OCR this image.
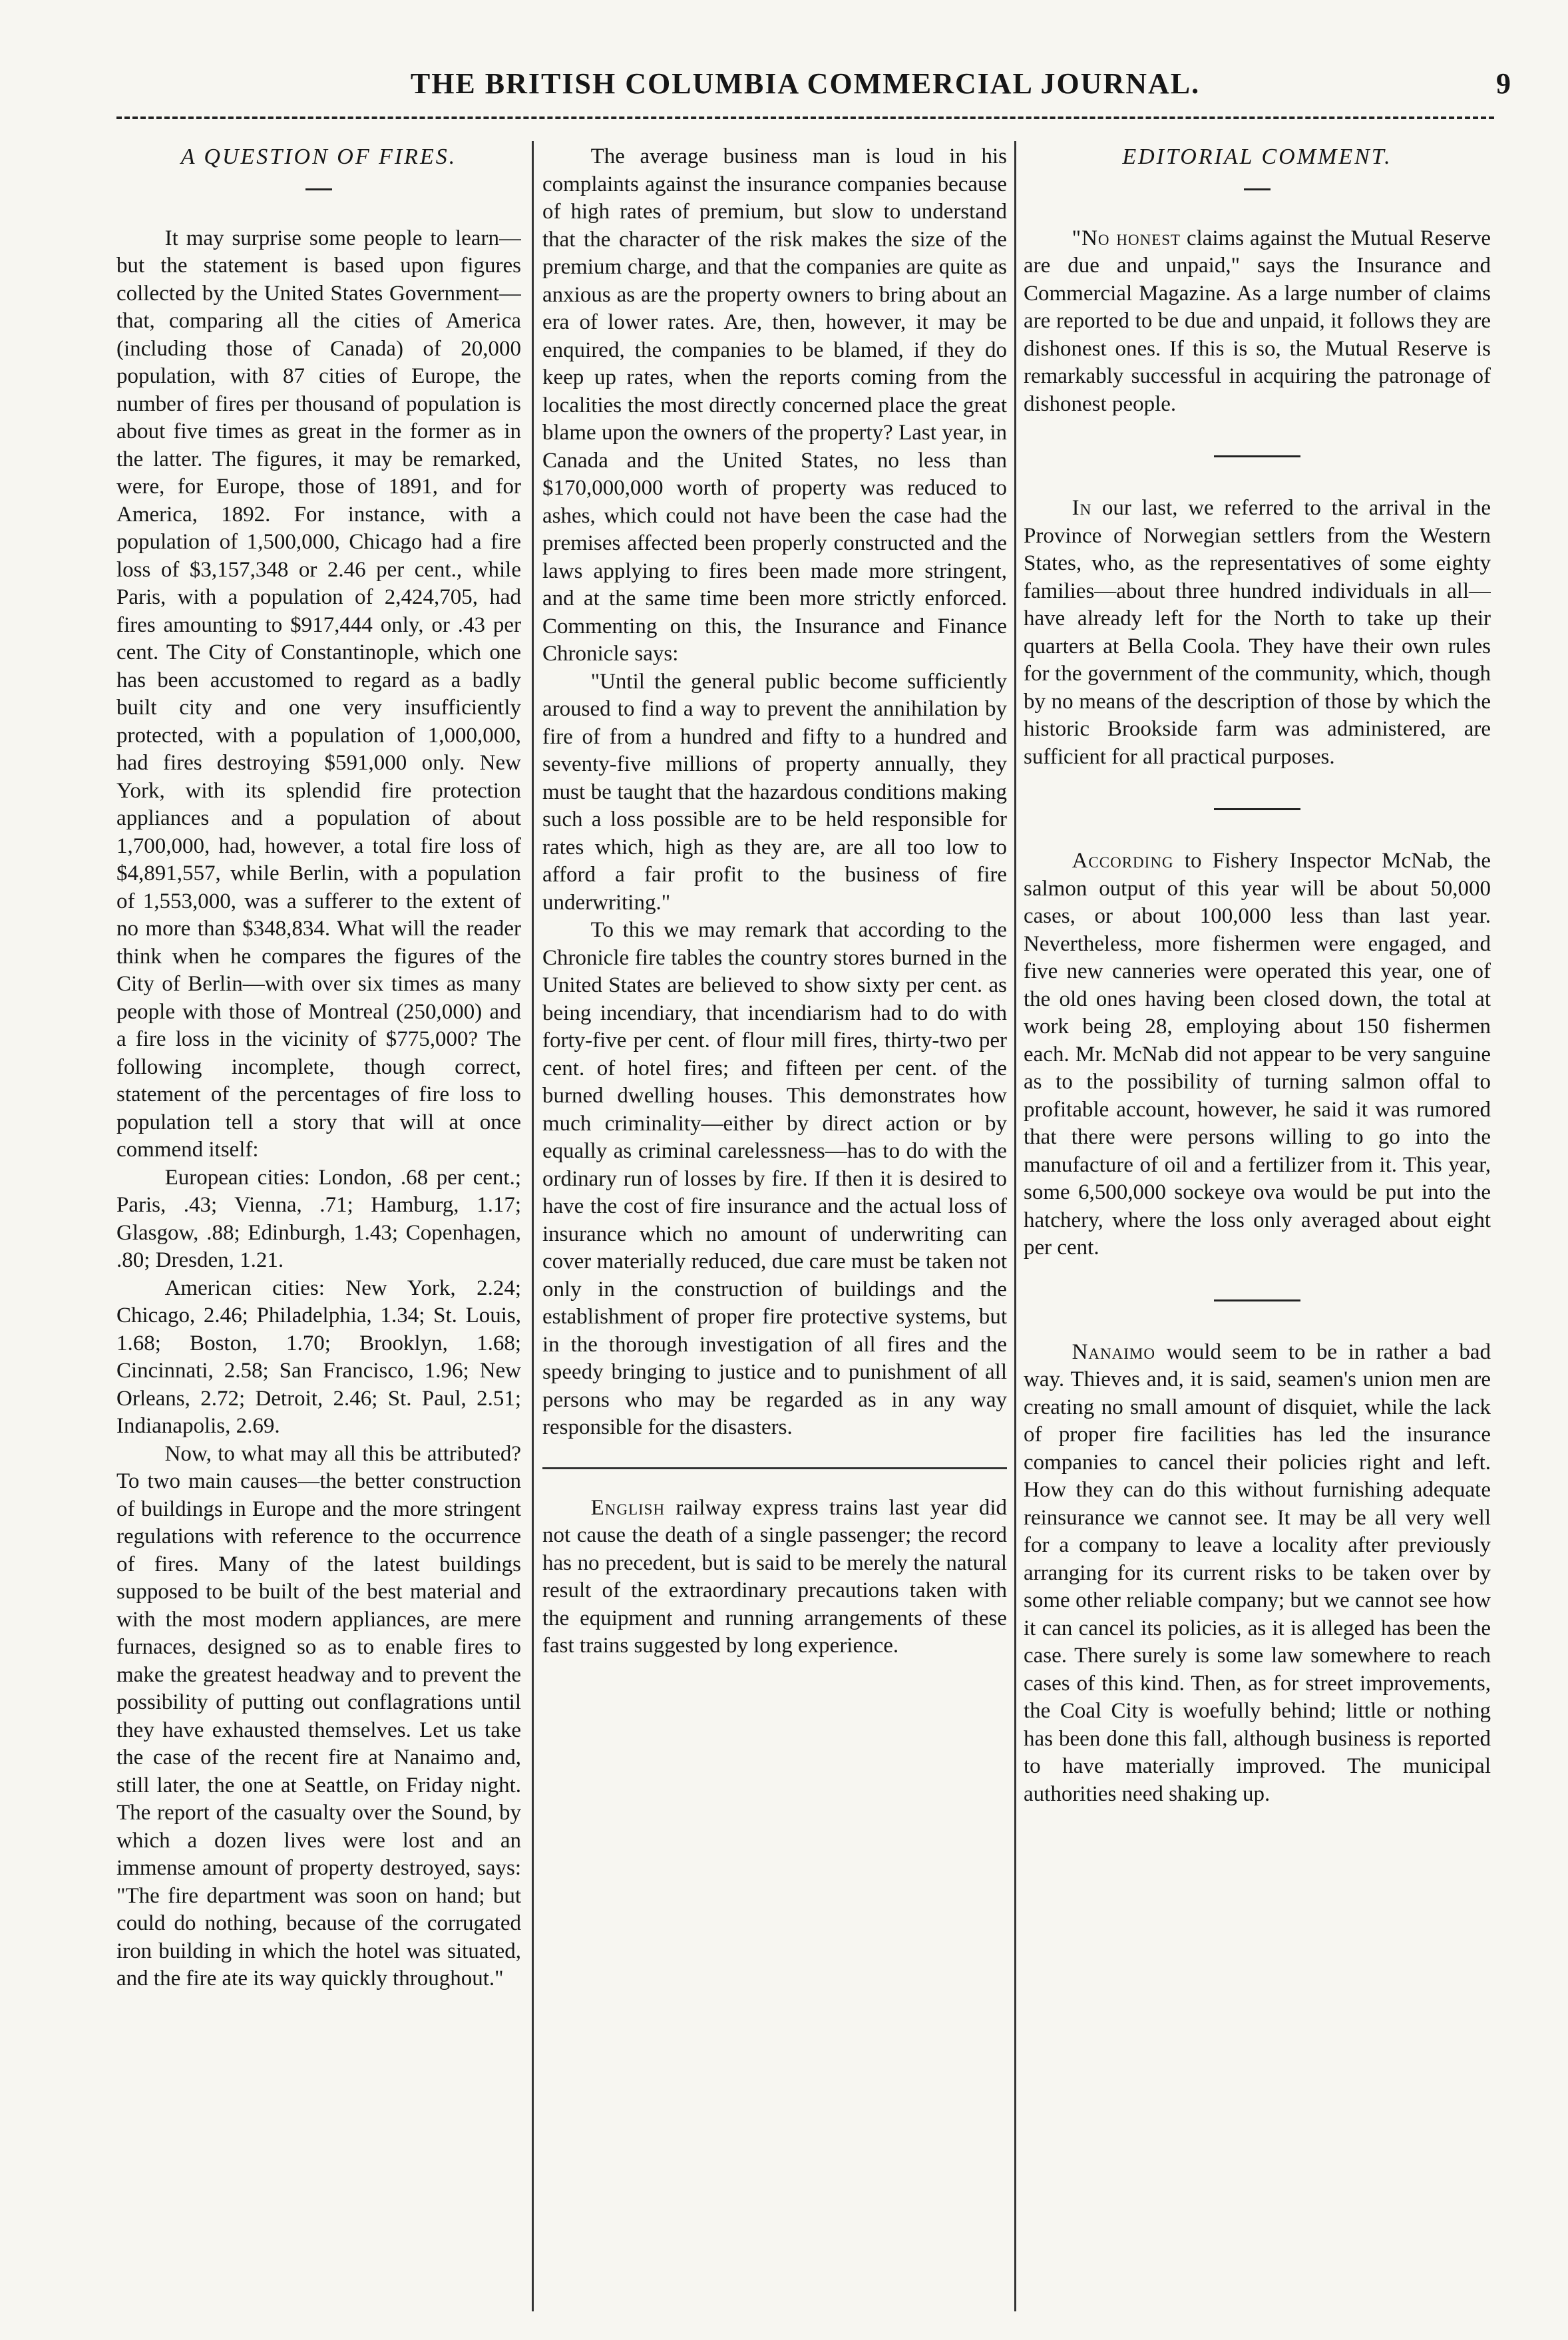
THE BRITISH COLUMBIA COMMERCIAL JOURNAL.	9
A QUESTION OF FIRES.

It may surprise some people to learn—but the statement is based upon figures collected by the United States Government—that, comparing all the cities of America (including those of Canada) of 20,000 population, with 87 cities of Europe, the number of fires per thousand of population is about five times as great in the former as in the latter. The figures, it may be remarked, were, for Europe, those of 1891, and for America, 1892. For instance, with a population of 1,500,000, Chicago had a fire loss of $3,157,348 or 2.46 per cent., while Paris, with a population of 2,424,705, had fires amounting to $917,444 only, or .43 per cent. The City of Constantinople, which one has been accustomed to regard as a badly built city and one very insufficiently protected, with a population of 1,000,000, had fires destroying $591,000 only. New York, with its splendid fire protection appliances and a population of about 1,700,000, had, however, a total fire loss of $4,891,557, while Berlin, with a population of 1,553,000, was a sufferer to the extent of no more than $348,834. What will the reader think when he compares the figures of the City of Berlin—with over six times as many people with those of Montreal (250,000) and a fire loss in the vicinity of $775,000? The following incomplete, though correct, statement of the percentages of fire loss to population tell a story that will at once commend itself:

European cities: London, .68 per cent.; Paris, .43; Vienna, .71; Hamburg, 1.17; Glasgow, .88; Edinburgh, 1.43; Copenhagen, .80; Dresden, 1.21.

American cities: New York, 2.24; Chicago, 2.46; Philadelphia, 1.34; St. Louis, 1.68; Boston, 1.70; Brooklyn, 1.68; Cincinnati, 2.58; San Francisco, 1.96; New Orleans, 2.72; Detroit, 2.46; St. Paul, 2.51; Indianapolis, 2.69.

Now, to what may all this be attributed? To two main causes—the better construction of buildings in Europe and the more stringent regulations with reference to the occurrence of fires. Many of the latest buildings supposed to be built of the best material and with the most modern appliances, are mere furnaces, designed so as to enable fires to make the greatest headway and to prevent the possibility of putting out conflagrations until they have exhausted themselves. Let us take the case of the recent fire at Nanaimo and, still later, the one at Seattle, on Friday night. The report of the casualty over the Sound, by which a dozen lives were lost and an immense amount of property destroyed, says: "The fire department was soon on hand; but could do nothing, because of the corrugated iron building in which the hotel was situated, and the fire ate its way quickly throughout."

The average business man is loud in his complaints against the insurance companies because of high rates of premium, but slow to understand that the character of the risk makes the size of the premium charge, and that the companies are quite as anxious as are the property owners to bring about an era of lower rates. Are, then, however, it may be enquired, the companies to be blamed, if they do keep up rates, when the reports coming from the localities the most directly concerned place the great blame upon the owners of the property? Last year, in Canada and the United States, no less than $170,000,000 worth of property was reduced to ashes, which could not have been the case had the premises affected been properly constructed and the laws applying to fires been made more stringent, and at the same time been more strictly enforced. Commenting on this, the Insurance and Finance Chronicle says:

"Until the general public become sufficiently aroused to find a way to prevent the annihilation by fire of from a hundred and fifty to a hundred and seventy-five millions of property annually, they must be taught that the hazardous conditions making such a loss possible are to be held responsible for rates which, high as they are, are all too low to afford a fair profit to the business of fire underwriting."

To this we may remark that according to the Chronicle fire tables the country stores burned in the United States are believed to show sixty per cent. as being incendiary, that incendiarism had to do with forty-five per cent. of flour mill fires, thirty-two per cent. of hotel fires; and fifteen per cent. of the burned dwelling houses. This demonstrates how much criminality—either by direct action or by equally as criminal carelessness—has to do with the ordinary run of losses by fire. If then it is desired to have the cost of fire insurance and the actual loss of insurance which no amount of underwriting can cover materially reduced, due care must be taken not only in the construction of buildings and the establishment of proper fire protective systems, but in the thorough investigation of all fires and the speedy bringing to justice and to punishment of all persons who may be regarded as in any way responsible for the disasters.

English railway express trains last year did not cause the death of a single passenger; the record has no precedent, but is said to be merely the natural result of the extraordinary precautions taken with the equipment and running arrangements of these fast trains suggested by long experience.

EDITORIAL COMMENT.

"No honest claims against the Mutual Reserve are due and unpaid," says the Insurance and Commercial Magazine. As a large number of claims are reported to be due and unpaid, it follows they are dishonest ones. If this is so, the Mutual Reserve is remarkably successful in acquiring the patronage of dishonest people.

In our last, we referred to the arrival in the Province of Norwegian settlers from the Western States, who, as the representatives of some eighty families—about three hundred individuals in all—have already left for the North to take up their quarters at Bella Coola. They have their own rules for the government of the community, which, though by no means of the description of those by which the historic Brookside farm was administered, are sufficient for all practical purposes.

According to Fishery Inspector McNab, the salmon output of this year will be about 50,000 cases, or about 100,000 less than last year. Nevertheless, more fishermen were engaged, and five new canneries were operated this year, one of the old ones having been closed down, the total at work being 28, employing about 150 fishermen each. Mr. McNab did not appear to be very sanguine as to the possibility of turning salmon offal to profitable account, however, he said it was rumored that there were persons willing to go into the manufacture of oil and a fertilizer from it. This year, some 6,500,000 sockeye ova would be put into the hatchery, where the loss only averaged about eight per cent.

Nanaimo would seem to be in rather a bad way. Thieves and, it is said, seamen's union men are creating no small amount of disquiet, while the lack of proper fire facilities has led the insurance companies to cancel their policies right and left. How they can do this without furnishing adequate reinsurance we cannot see. It may be all very well for a company to leave a locality after previously arranging for its current risks to be taken over by some other reliable company; but we cannot see how it can cancel its policies, as it is alleged has been the case. There surely is some law somewhere to reach cases of this kind. Then, as for street improvements, the Coal City is woefully behind; little or nothing has been done this fall, although business is reported to have materially improved. The municipal authorities need shaking up.
